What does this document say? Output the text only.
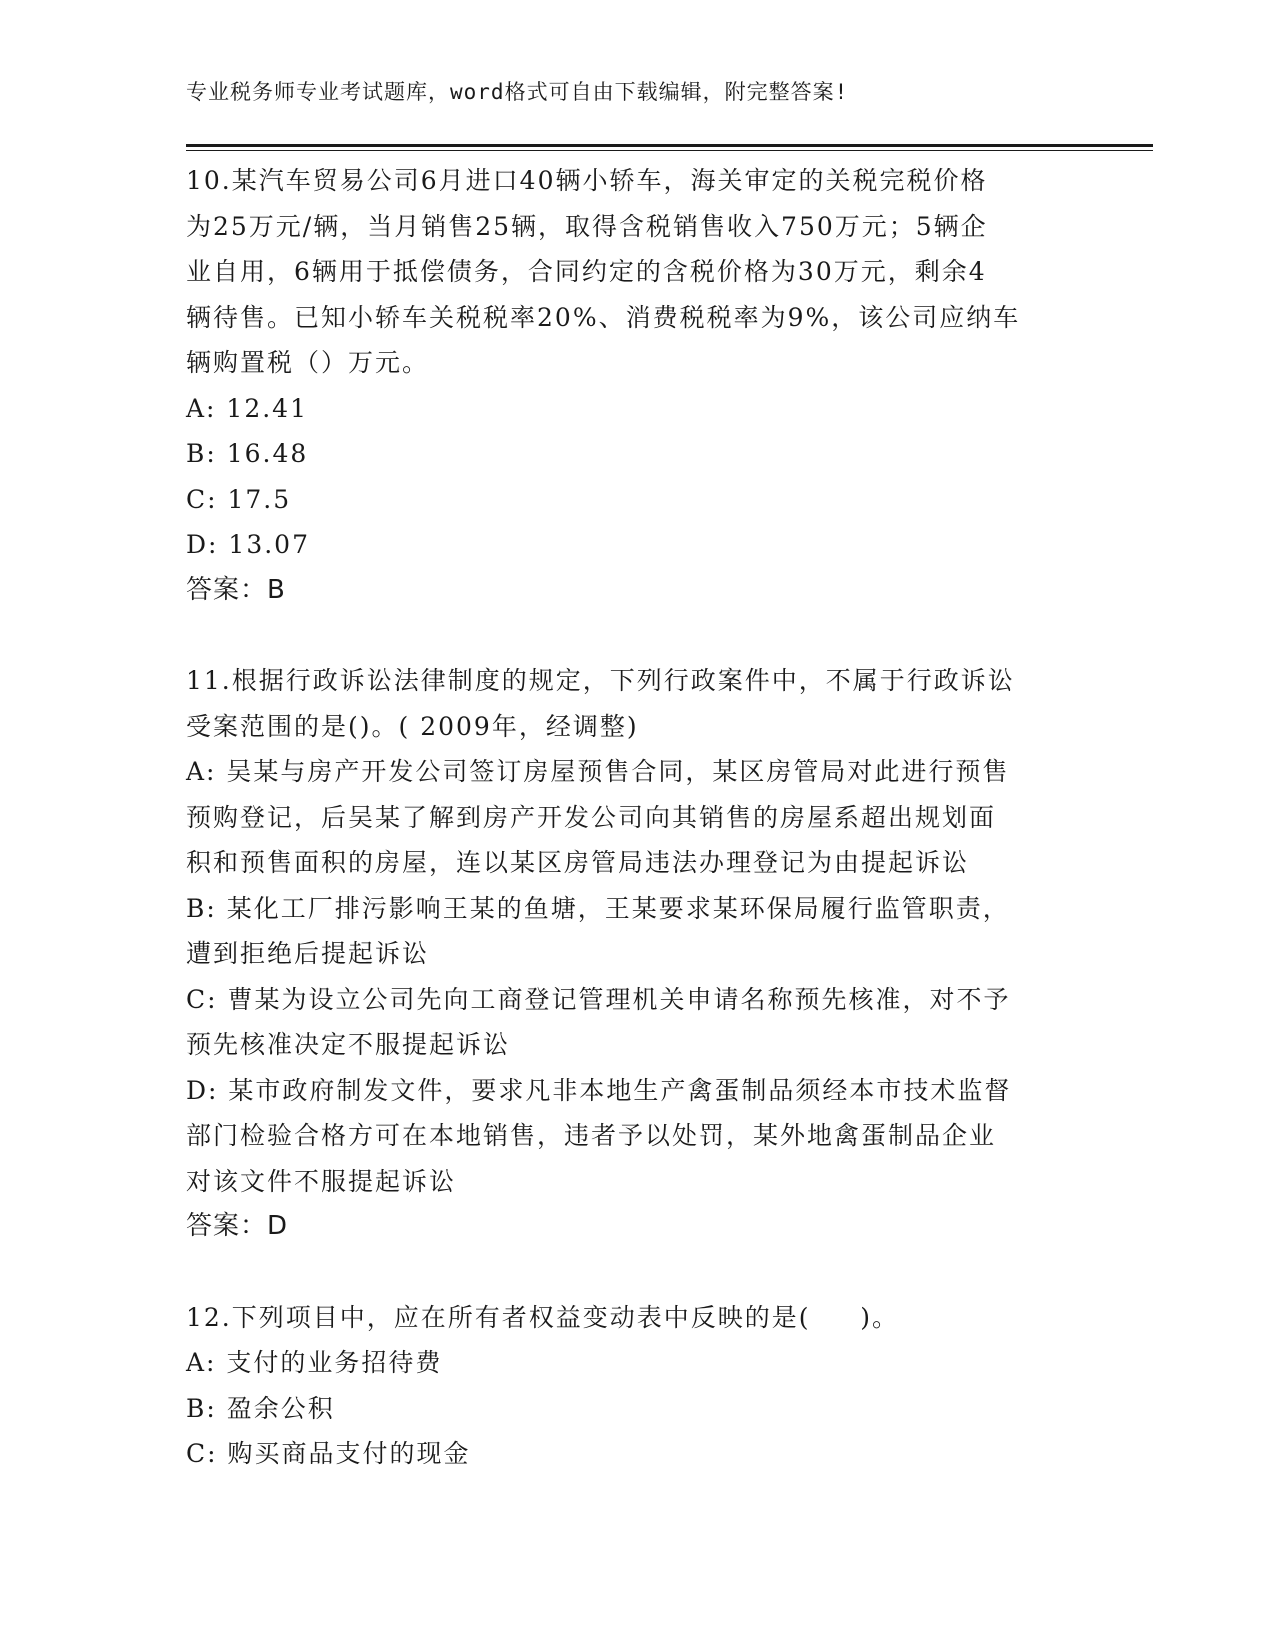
专业税务师专业考试题库，word格式可自由下载编辑，附完整答案!
10.某汽车贸易公司6月进口40辆小轿车，海关审定的关税完税价格
为25万元/辆，当月销售25辆，取得含税销售收入750万元；5辆企
业自用，6辆用于抵偿债务，合同约定的含税价格为30万元，剩余4
辆待售。已知小轿车关税税率20%、消费税税率为9%，该公司应纳车
辆购置税（）万元。
A: 12.41
B: 16.48
C: 17.5
D: 13.07
答案：B
11.根据行政诉讼法律制度的规定，下列行政案件中，不属于行政诉讼
受案范围的是()。( 2009年，经调整)
A: 吴某与房产开发公司签订房屋预售合同，某区房管局对此进行预售
预购登记，后吴某了解到房产开发公司向其销售的房屋系超出规划面
积和预售面积的房屋，连以某区房管局违法办理登记为由提起诉讼
B: 某化工厂排污影响王某的鱼塘，王某要求某环保局履行监管职责，
遭到拒绝后提起诉讼
C: 曹某为设立公司先向工商登记管理机关申请名称预先核准，对不予
预先核准决定不服提起诉讼
D: 某市政府制发文件，要求凡非本地生产禽蛋制品须经本市技术监督
部门检验合格方可在本地销售，违者予以处罚，某外地禽蛋制品企业
对该文件不服提起诉讼
答案：D
12.下列项目中，应在所有者权益变动表中反映的是(     )。
A: 支付的业务招待费
B: 盈余公积
C: 购买商品支付的现金
